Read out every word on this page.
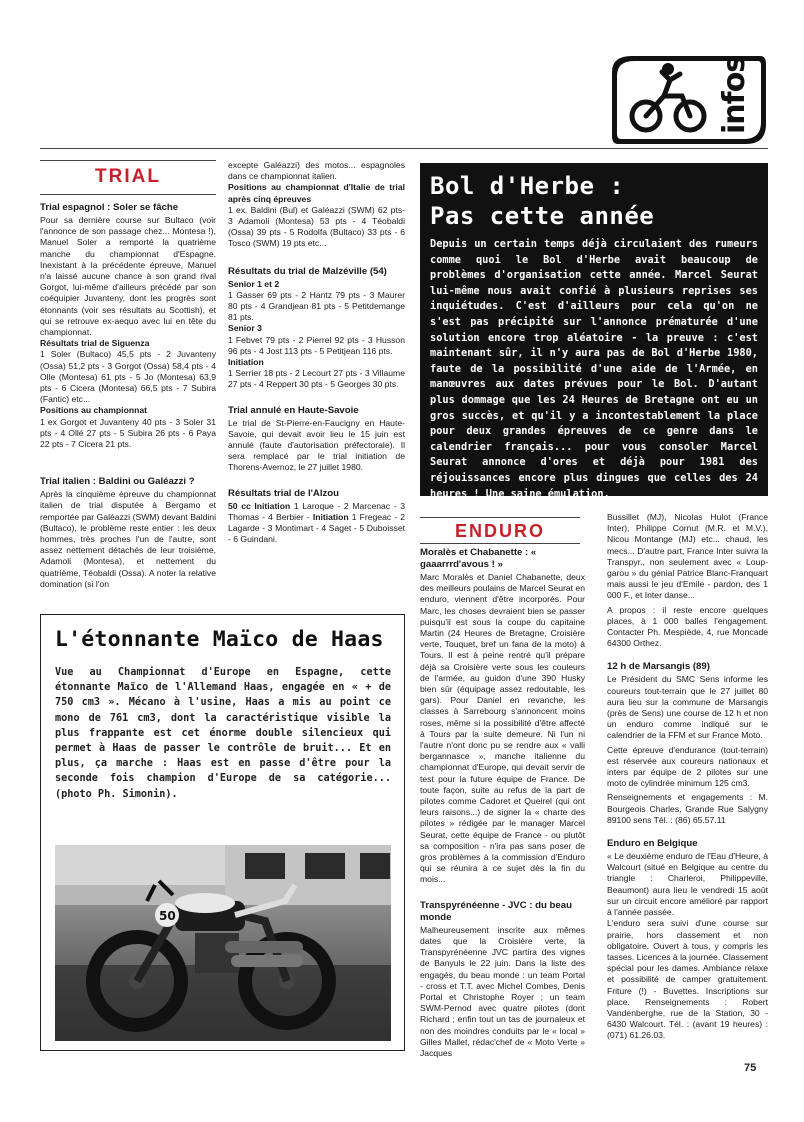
infos
TRIAL
Trial espagnol : Soler se fâche

Pour sa dernière course sur Bultaco (voir l'annonce de son passage chez... Montesa !), Manuel Soler a remporté la quatrième manche du championnat d'Espagne. Inexistant à la précédente épreuve, Manuel n'a laissé aucune chance à son grand rival Gorgot, lui-même d'ailleurs précédé par son coéquipier Juvanteny, dont les progrès sont étonnants (voir ses résultats au Scottish), et qui se retrouve ex-aequo avec lui en tête du championnat.

Résultats trial de Siguenza

1 Soler (Bultaco) 45,5 pts - 2 Juvanteny (Ossa) 51,2 pts - 3 Gorgot (Ossa) 58,4 pts - 4 Olle (Montesa) 61 pts - 5 Jo (Montesa) 63,9 pts - 6 Cicera (Montesa) 66,5 pts - 7 Subira (Fantic) etc...

Positions au championnat

1 ex Gorgot et Juvanteny 40 pts - 3 Soler 31 pts - 4 Ollé 27 pts - 5 Subira 26 pts - 6 Paya 22 pts - 7 Cicera 21 pts.

Trial italien : Baldini ou Galéazzi ?

Après la cinquième épreuve du championnat italien de trial disputée à Bergamo et remportée par Galéazzi (SWM) devant Baldini (Bultaco), le problème reste entier : les deux hommes, très proches l'un de l'autre, sont assez nettement détachés de leur troisième, Adamoli (Montesa), et nettement du quatrième, Téobaldi (Ossa). A noter la relative domination (si l'on

excepte Galéazzi) des motos... espagnoles dans ce championnat italien.

Positions au championnat d'Italie de trial après cinq épreuves

1 ex. Baldini (Bul) et Galéazzi (SWM) 62 pts- 3 Adamoli (Montesa) 53 pts - 4 Téobaldi (Ossa) 39 pts - 5 Rodolfa (Bultaco) 33 pts - 6 Tosco (SWM) 19 pts etc...

Résultats du trial de Malzéville (54)
Senior 1 et 2

1 Gasser 69 pts - 2 Hantz 79 pts - 3 Maurer 80 pts - 4 Grandjean 81 pts - 5 Petitdemange 81 pts.

Senior 3

1 Febvet 79 pts - 2 Pierrel 92 pts - 3 Husson 96 pts - 4 Jost 113 pts - 5 Petitjean 116 pts.

Initiation

1 Serrier 18 pts - 2 Lecourt 27 pts - 3 Villaume 27 pts - 4 Reppert 30 pts - 5 Georges 30 pts.

Trial annulé en Haute-Savoie

Le trial de St-Pierre-en-Faucigny en Haute-Savoie, qui devait avoir lieu le 15 juin est annulé (faute d'autorisation préfectorale). Il sera remplacé par le trial initiation de Thorens-Avernoz, le 27 juillet 1980.

Résultats trial de l'Alzou

50 cc Initiation 1 Laroque - 2 Marcenac - 3 Thomas - 4 Berbier - Initiation 1 Fregeac - 2 Lagarde - 3 Montimart - 4 Saget - 5 Duboisset - 6 Guindani.

Bol d'Herbe :
Pas cette année
Depuis un certain temps déjà circulaient des rumeurs comme quoi le Bol d'Herbe avait beaucoup de problèmes d'organisation cette année. Marcel Seurat lui-même nous avait confié à plusieurs reprises ses inquiétudes. C'est d'ailleurs pour cela qu'on ne s'est pas précipité sur l'annonce prématurée d'une solution encore trop aléatoire - la preuve : c'est maintenant sûr, il n'y aura pas de Bol d'Herbe 1980, faute de la possibilité d'une aide de l'Armée, en manœuvres aux dates prévues pour le Bol. D'autant plus dommage que les 24 Heures de Bretagne ont eu un gros succès, et qu'il y a incontestablement la place pour deux grandes épreuves de ce genre dans le calendrier français... pour vous consoler Marcel Seurat annonce d'ores et déjà pour 1981 des réjouissances encore plus dingues que celles des 24 heures ! Une saine émulation.
L'étonnante Maïco de Haas
Vue au Championnat d'Europe en Espagne, cette étonnante Maïco de l'Allemand Haas, engagée en « + de 750 cm3 ». Mécano à l'usine, Haas a mis au point ce mono de 761 cm3, dont la caractéristique visible la plus frappante est cet énorme double silencieux qui permet à Haas de passer le contrôle de bruit... Et en plus, ça marche : Haas est en passe d'être pour la seconde fois champion d'Europe de sa catégorie... (photo Ph. Simonin).
50
ENDURO
Moralès et Chabanette : « gaaarrrd'avous ! »

Marc Moralès et Daniel Chabanette, deux des meilleurs poulains de Marcel Seurat en enduro, viennent d'être incorporés. Pour Marc, les choses devraient bien se passer puisqu'il est sous la coupe du capitaine Martin (24 Heures de Bretagne, Croisière verte, Touquet, bref un fana de la moto) à Tours. Il est à peine rentré qu'il prépare déjà sa Croisière verte sous les couleurs de l'armée, au guidon d'une 390 Husky bien sûr (équipage assez redoutable, les gars). Pour Daniel en revanche, les classes à Sarrebourg s'annoncent moins roses, même si la possibilité d'être affecté à Tours par la suite demeure. Ni l'un ni l'autre n'ont donc pu se rendre aux « valli bergannasce », manche italienne du championnat d'Europe, qui devait servir de test pour la future équipe de France. De toute façon, suite au refus de la part de pilotes comme Cadoret et Queirel (qui ont leurs raisons...) de signer la « charte des pilotes » rédigée par le manager Marcel Seurat, cette équipe de France - ou plutôt sa composition - n'ira pas sans poser de gros problèmes à la commission d'Enduro qui se réunira à ce sujet dès la fin du mois...

Transpyrénéenne - JVC : du beau monde

Malheureusement inscrite aux mêmes dates que la Croisière verte, la Transpyrénéenne JVC partira des vignes de Banyuls le 22 juin. Dans la liste des engagés, du beau monde : un team Portal - cross et T.T. avec Michel Combes, Denis Portal et Christophe Royer ; un team SWM-Pernod avec quatre pilotes (dont Richard ; enfin tout un tas de journaleux et non des moindres conduits par le « local » Gilles Mallet, rédac'chef de « Moto Verte » Jacques

Bussillet (MJ), Nicolas Hulot (France Inter), Philippe Cornut (M.R. et M.V.), Nicou Montange (MJ) etc... chaud, les mecs... D'autre part, France Inter suivra la Transpyr., non seulement avec « Loup-garou » du génial Patrice Blanc-Franquart mais aussi le jeu d'Emile - pardon, des 1 000 F., et Inter danse...

A propos : il reste encore quelques places, à 1 000 balles l'engagement. Contacter Ph. Mespiède, 4, rue Moncade 64300 Orthez.

12 h de Marsangis (89)

Le Président du SMC Sens informe les coureurs tout-terrain que le 27 juillet 80 aura lieu sur la commune de Marsangis (près de Sens) une course de 12 h et non un enduro comme indiqué sur le calendrier de la FFM et sur France Moto.

Cette épreuve d'endurance (tout-terrain) est réservée aux coureurs nationaux et inters par équipe de 2 pilotes sur une moto de cylindrée minimum 125 cm3.

Renseignements et engagements : M. Bourgeois Charles, Grande Rue Salygny 89100 sens Tél. : (86) 65.57.11

Enduro en Belgique

« Le deuxième enduro de l'Eau d'Heure, à Walcourt (situé en Belgique au centre du triangle : Charleroi, Philippeville, Beaumont) aura lieu le vendredi 15 août sur un circuit encore amélioré par rapport à l'année passée.

L'enduro sera suivi d'une course sur prairie, hors classement et non obligatoire. Ouvert à tous, y compris les tasses. Licences à la journée. Classement spécial pour les dames. Ambiance relaxe et possibilité de camper gratuitement. Friture (!) - Buvettes. Inscriptions sur place. Renseignements : Robert Vandenberghe, rue de la Station, 30 - 6430 Walcourt. Tél. : (avant 19 heures) : (071) 61.26.03.

75
